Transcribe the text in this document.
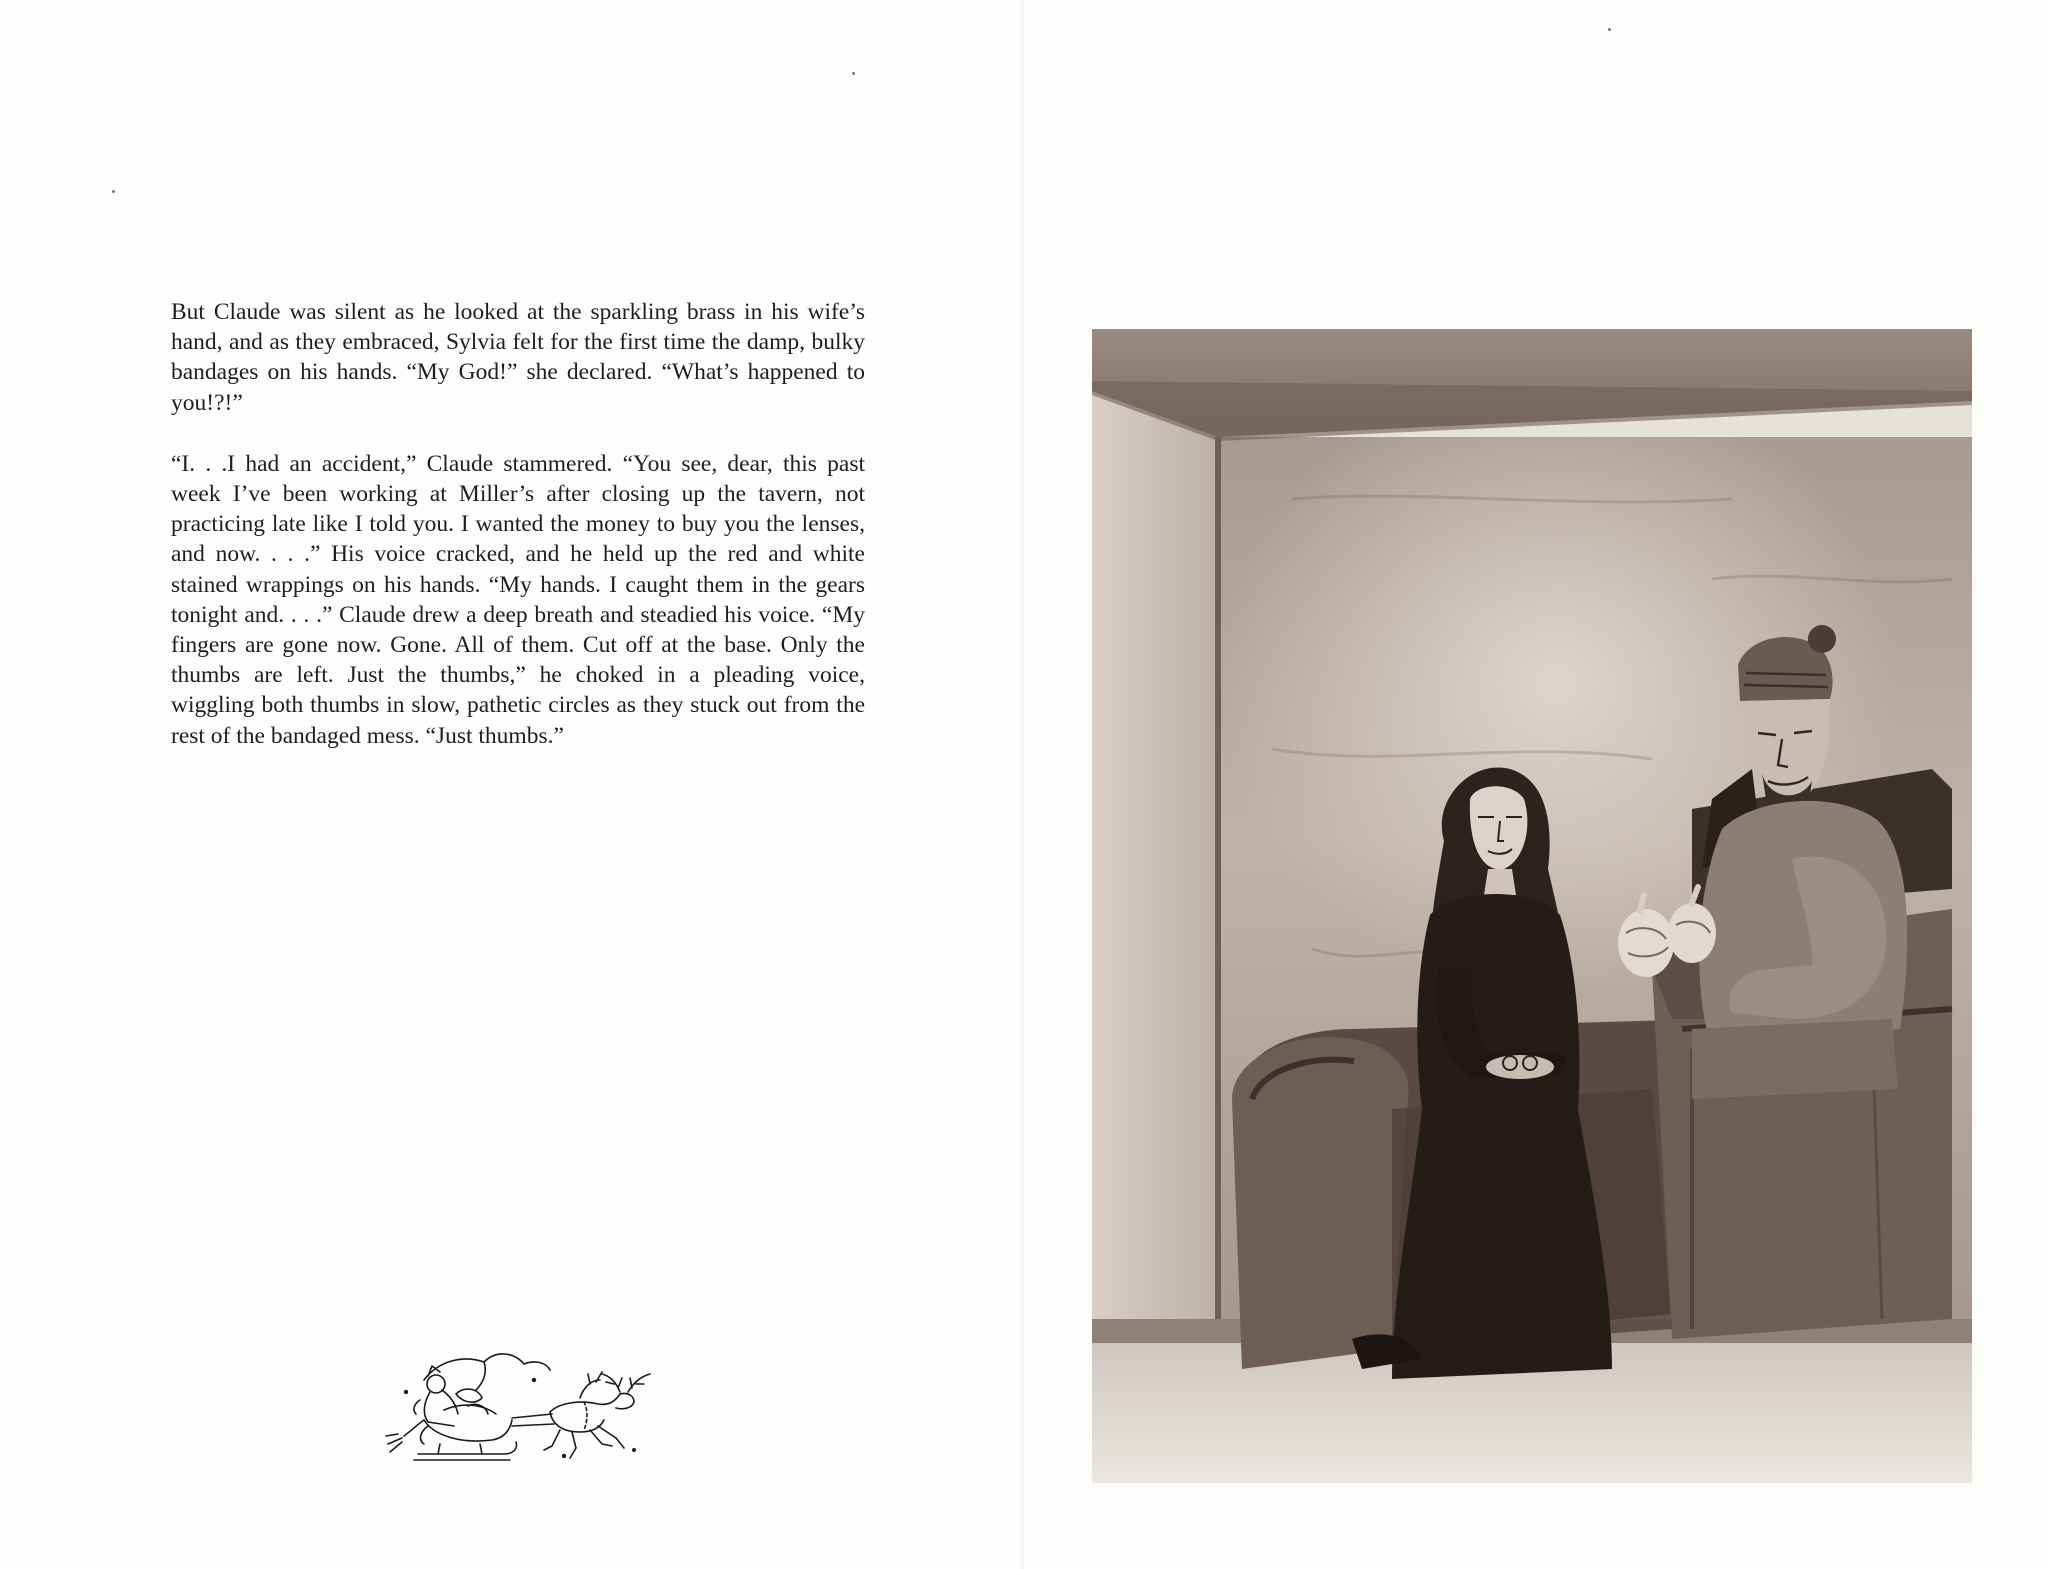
But Claude was silent as he looked at the sparkling brass in his wife’s hand, and as they embraced, Sylvia felt for the first time the damp, bulky bandages on his hands. “My God!” she declared. “What’s happened to you!?!”

“I. . .I had an accident,” Claude stammered. “You see, dear, this past week I’ve been working at Miller’s after closing up the tavern, not practicing late like I told you. I wanted the money to buy you the lenses, and now. . . .” His voice cracked, and he held up the red and white stained wrappings on his hands. “My hands. I caught them in the gears tonight and. . . .” Claude drew a deep breath and steadied his voice. “My fingers are gone now. Gone. All of them. Cut off at the base. Only the thumbs are left. Just the thumbs,” he choked in a pleading voice, wiggling both thumbs in slow, pathetic circles as they stuck out from the rest of the bandaged mess. “Just thumbs.”
